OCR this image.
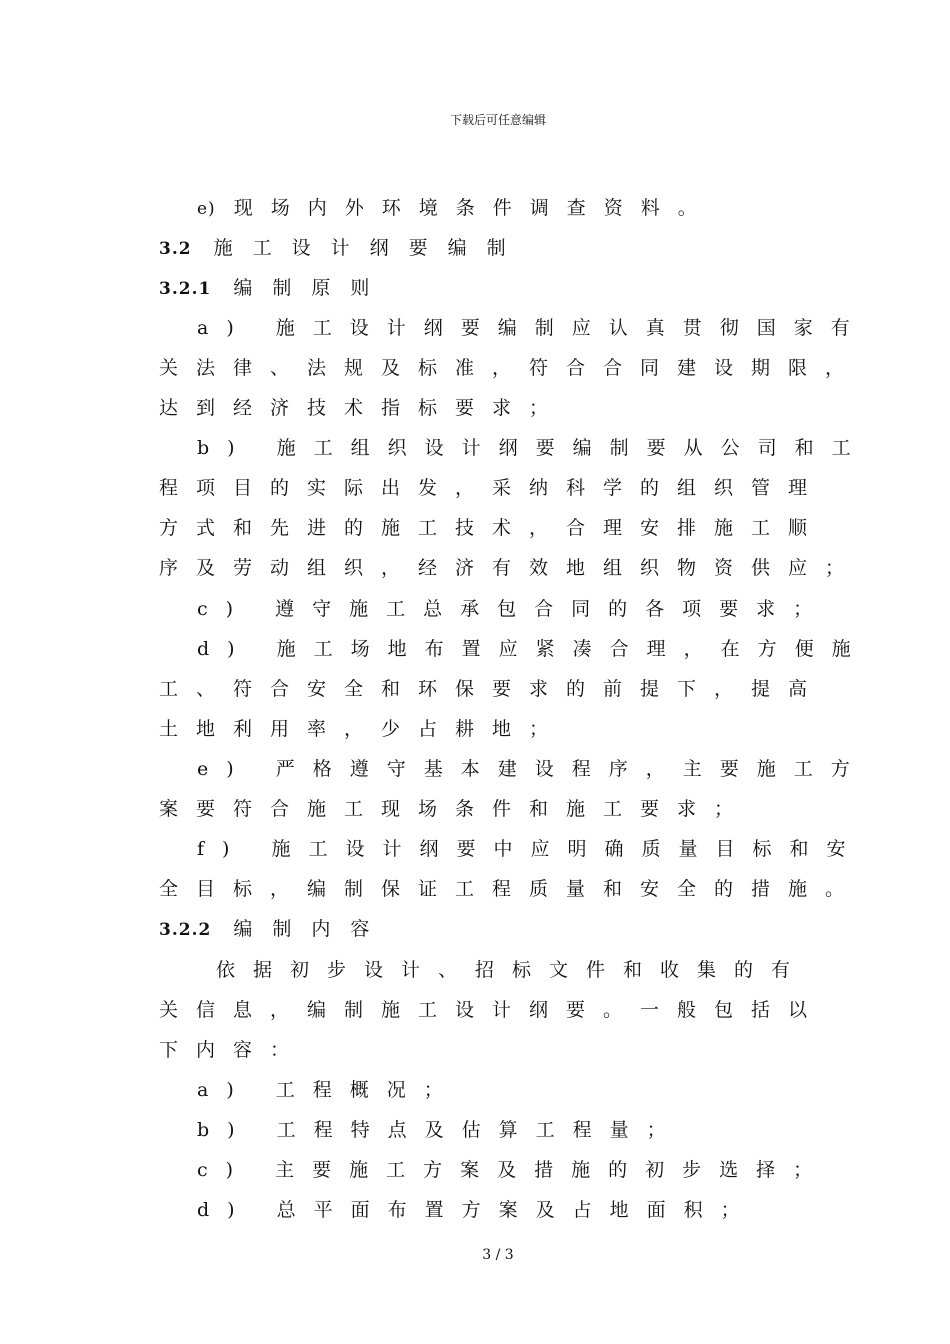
下载后可任意编辑
e) 现场内外环境条件调查资料。
3.2 施工设计纲要编制
3.2.1 编制原则
a) 施工设计纲要编制应认真贯彻国家有
关法律、法规及标准，符合合同建设期限，
达到经济技术指标要求；
b) 施工组织设计纲要编制要从公司和工
程项目的实际出发，采纳科学的组织管理
方式和先进的施工技术，合理安排施工顺
序及劳动组织，经济有效地组织物资供应；
c) 遵守施工总承包合同的各项要求；
d) 施工场地布置应紧凑合理，在方便施
工、符合安全和环保要求的前提下，提高
土地利用率，少占耕地；
e) 严格遵守基本建设程序，主要施工方
案要符合施工现场条件和施工要求；
f) 施工设计纲要中应明确质量目标和安
全目标，编制保证工程质量和安全的措施。
3.2.2 编制内容
依据初步设计、招标文件和收集的有
关信息，编制施工设计纲要。一般包括以
下内容：
a) 工程概况；
b) 工程特点及估算工程量；
c) 主要施工方案及措施的初步选择；
d) 总平面布置方案及占地面积；
3 / 3
